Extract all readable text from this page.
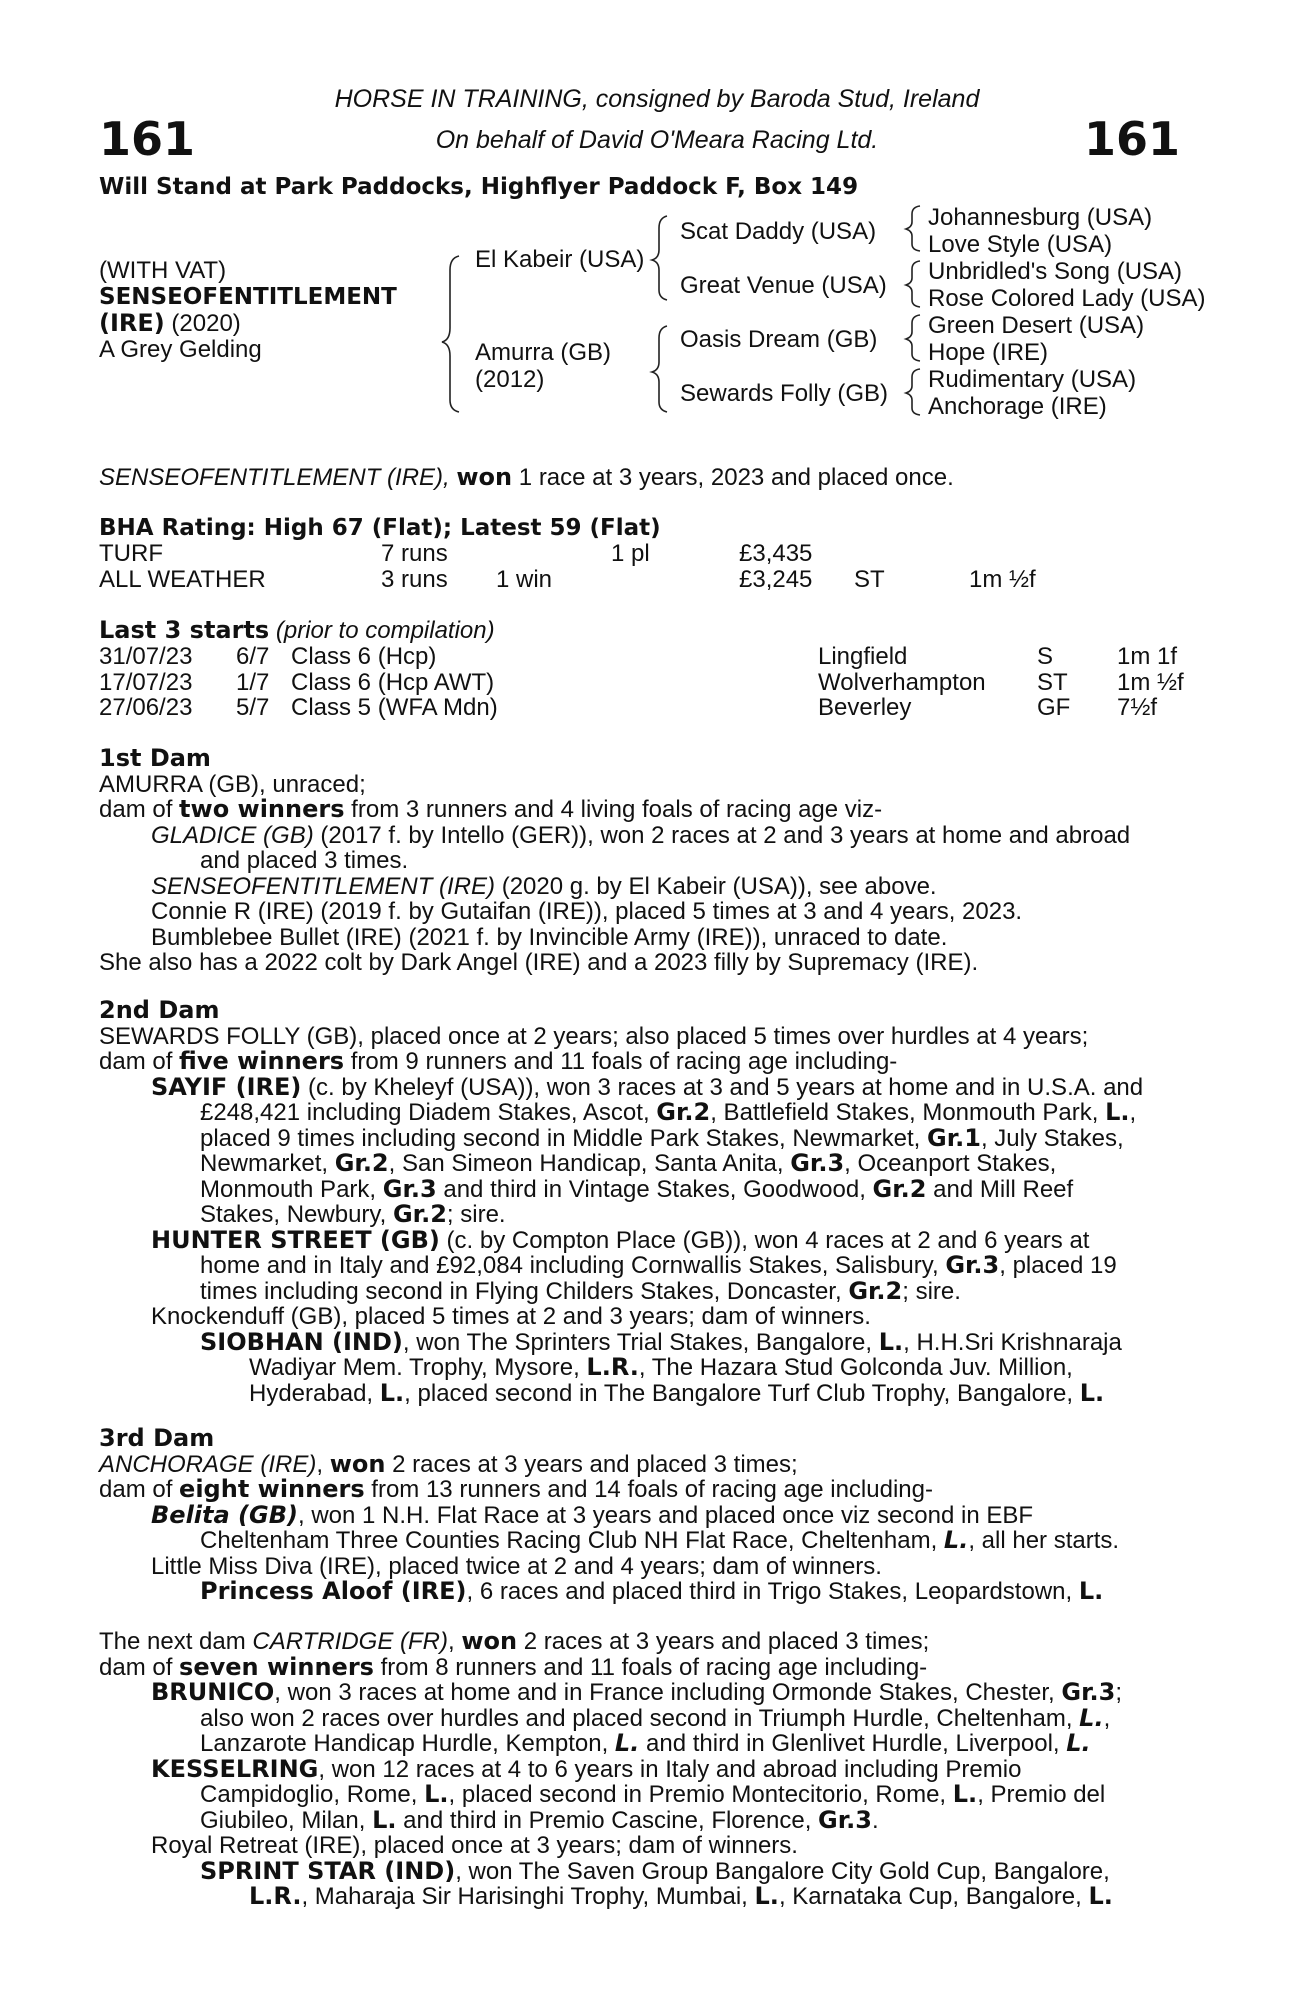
161	161
HORSE IN TRAINING, consigned by Baroda Stud, Ireland
On behalf of David O'Meara Racing Ltd.
Will Stand at Park Paddocks, Highflyer Paddock F, Box 149
(WITH VAT)
SENSEOFENTITLEMENT
(IRE) (2020)
A Grey Gelding
El Kabeir (USA)
Amurra (GB)
(2012)
Scat Daddy (USA)
Great Venue (USA)
Oasis Dream (GB)
Sewards Folly (GB)
Johannesburg (USA)
Love Style (USA)
Unbridled's Song (USA)
Rose Colored Lady (USA)
Green Desert (USA)
Hope (IRE)
Rudimentary (USA)
Anchorage (IRE)
SENSEOFENTITLEMENT (IRE), won 1 race at 3 years, 2023 and placed once.
BHA Rating: High 67 (Flat); Latest 59 (Flat)
TURF	7 runs		1 pl	£3,435		
ALL WEATHER	3 runs	1 win		£3,245	ST	1m ½f
Last 3 starts (prior to compilation)
31/07/23	6/7	Class 6 (Hcp)	Lingfield	S	1m 1f
17/07/23	1/7	Class 6 (Hcp AWT)	Wolverhampton	ST	1m ½f
27/06/23	5/7	Class 5 (WFA Mdn)	Beverley	GF	7½f
1st Dam
AMURRA (GB), unraced;
dam of two winners from 3 runners and 4 living foals of racing age viz-
GLADICE (GB) (2017 f. by Intello (GER)), won 2 races at 2 and 3 years at home and abroad
and placed 3 times.
SENSEOFENTITLEMENT (IRE) (2020 g. by El Kabeir (USA)), see above.
Connie R (IRE) (2019 f. by Gutaifan (IRE)), placed 5 times at 3 and 4 years, 2023.
Bumblebee Bullet (IRE) (2021 f. by Invincible Army (IRE)), unraced to date.
She also has a 2022 colt by Dark Angel (IRE) and a 2023 filly by Supremacy (IRE).
2nd Dam
SEWARDS FOLLY (GB), placed once at 2 years; also placed 5 times over hurdles at 4 years;
dam of five winners from 9 runners and 11 foals of racing age including-
SAYIF (IRE) (c. by Kheleyf (USA)), won 3 races at 3 and 5 years at home and in U.S.A. and
£248,421 including Diadem Stakes, Ascot, Gr.2, Battlefield Stakes, Monmouth Park, L.,
placed 9 times including second in Middle Park Stakes, Newmarket, Gr.1, July Stakes,
Newmarket, Gr.2, San Simeon Handicap, Santa Anita, Gr.3, Oceanport Stakes,
Monmouth Park, Gr.3 and third in Vintage Stakes, Goodwood, Gr.2 and Mill Reef
Stakes, Newbury, Gr.2; sire.
HUNTER STREET (GB) (c. by Compton Place (GB)), won 4 races at 2 and 6 years at
home and in Italy and £92,084 including Cornwallis Stakes, Salisbury, Gr.3, placed 19
times including second in Flying Childers Stakes, Doncaster, Gr.2; sire.
Knockenduff (GB), placed 5 times at 2 and 3 years; dam of winners.
SIOBHAN (IND), won The Sprinters Trial Stakes, Bangalore, L., H.H.Sri Krishnaraja
Wadiyar Mem. Trophy, Mysore, L.R., The Hazara Stud Golconda Juv. Million,
Hyderabad, L., placed second in The Bangalore Turf Club Trophy, Bangalore, L.
3rd Dam
ANCHORAGE (IRE), won 2 races at 3 years and placed 3 times;
dam of eight winners from 13 runners and 14 foals of racing age including-
Belita (GB), won 1 N.H. Flat Race at 3 years and placed once viz second in EBF
Cheltenham Three Counties Racing Club NH Flat Race, Cheltenham, L., all her starts.
Little Miss Diva (IRE), placed twice at 2 and 4 years; dam of winners.
Princess Aloof (IRE), 6 races and placed third in Trigo Stakes, Leopardstown, L.
The next dam CARTRIDGE (FR), won 2 races at 3 years and placed 3 times;
dam of seven winners from 8 runners and 11 foals of racing age including-
BRUNICO, won 3 races at home and in France including Ormonde Stakes, Chester, Gr.3;
also won 2 races over hurdles and placed second in Triumph Hurdle, Cheltenham, L.,
Lanzarote Handicap Hurdle, Kempton, L. and third in Glenlivet Hurdle, Liverpool, L.
KESSELRING, won 12 races at 4 to 6 years in Italy and abroad including Premio
Campidoglio, Rome, L., placed second in Premio Montecitorio, Rome, L., Premio del
Giubileo, Milan, L. and third in Premio Cascine, Florence, Gr.3.
Royal Retreat (IRE), placed once at 3 years; dam of winners.
SPRINT STAR (IND), won The Saven Group Bangalore City Gold Cup, Bangalore,
L.R., Maharaja Sir Harisinghi Trophy, Mumbai, L., Karnataka Cup, Bangalore, L.
